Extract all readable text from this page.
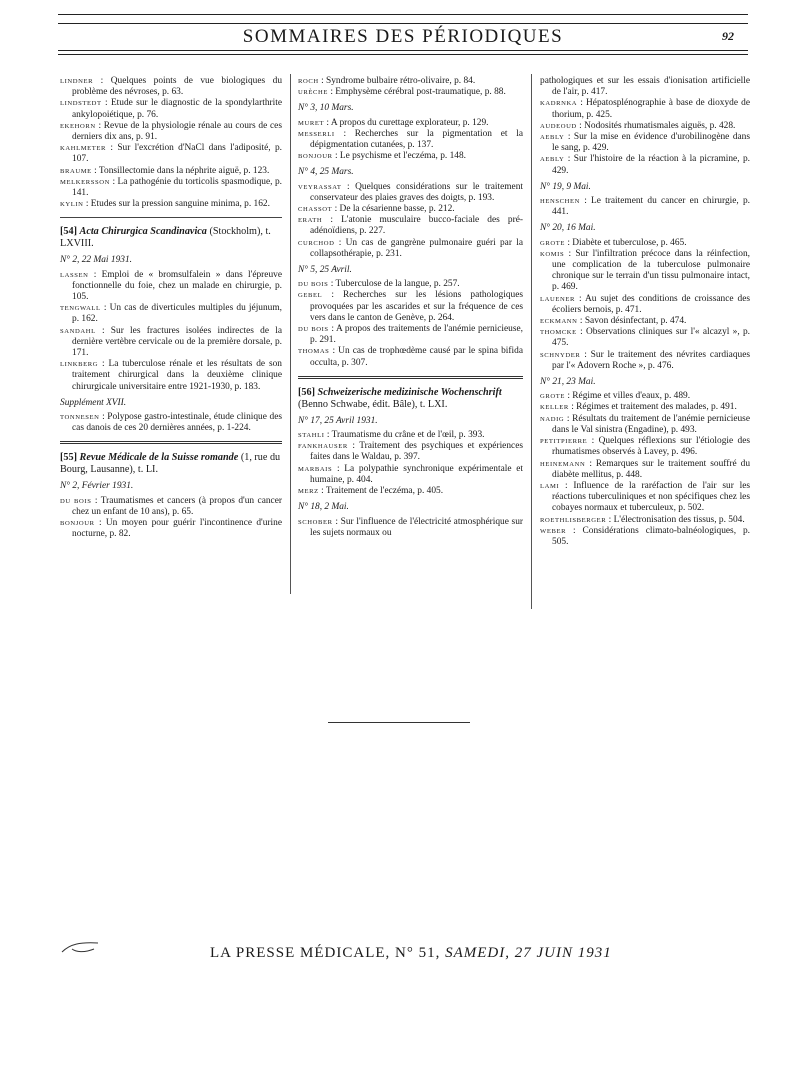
SOMMAIRES DES PÉRIODIQUES	92
LINDNER : Quelques points de vue biologiques du problème des névroses, p. 63.
LINDSTEDT : Etude sur le diagnostic de la spondylarthrite ankylopoiétique, p. 76.
EKEHORN : Revue de la physiologie rénale au cours de ces derniers dix ans, p. 91.
KAHLMETER : Sur l'excrétion d'NaCl dans l'adiposité, p. 107.
BRAUME : Tonsillectomie dans la néphrite aiguë, p. 123.
MELKERSSON : La pathogénie du torticolis spasmodique, p. 141.
KYLIN : Etudes sur la pression sanguine minima, p. 162.
[54] Acta Chirurgica Scandinavica (Stockholm), t. LXVIII.
N° 2, 22 Mai 1931.
LASSEN : Emploi de « bromsulfalein » dans l'épreuve fonctionnelle du foie, chez un malade en chirurgie, p. 105.
TENGWALL : Un cas de diverticules multiples du jéjunum, p. 162.
SANDAHL : Sur les fractures isolées indirectes de la dernière vertèbre cervicale ou de la première dorsale, p. 171.
LINKBERG : La tuberculose rénale et les résultats de son traitement chirurgical dans la deuxième clinique chirurgicale universitaire entre 1921-1930, p. 183.
Supplément XVII.
TONNESEN : Polypose gastro-intestinale, étude clinique des cas danois de ces 20 dernières années, p. 1-224.
[55] Revue Médicale de la Suisse romande (1, rue du Bourg, Lausanne), t. LI.
N° 2, Février 1931.
DU BOIS : Traumatismes et cancers (à propos d'un cancer chez un enfant de 10 ans), p. 65.
BONJOUR : Un moyen pour guérir l'incontinence d'urine nocturne, p. 82.
ROCH : Syndrome bulbaire rétro-olivaire, p. 84.
URÈCHE : Emphysème cérébral post-traumatique, p. 88.
N° 3, 10 Mars.
MURET : A propos du curettage explorateur, p. 129.
MESSERLI : Recherches sur la pigmentation et la dépigmentation cutanées, p. 137.
BONJOUR : Le psychisme et l'eczéma, p. 148.
N° 4, 25 Mars.
VEYRASSAT : Quelques considérations sur le traitement conservateur des plaies graves des doigts, p. 193.
CHASSOT : De la césarienne basse, p. 212.
ERATH : L'atonie musculaire bucco-faciale des pré-adénoïdiens, p. 227.
CURCHOD : Un cas de gangrène pulmonaire guéri par la collapsothérapie, p. 231.
N° 5, 25 Avril.
DU BOIS : Tuberculose de la langue, p. 257.
GEBEL : Recherches sur les lésions pathologiques provoquées par les ascarides et sur la fréquence de ces vers dans le canton de Genève, p. 264.
DU BOIS : A propos des traitements de l'anémie pernicieuse, p. 291.
THOMAS : Un cas de trophœdème causé par le spina bifida occulta, p. 307.
[56] Schweizerische medizinische Wochenschrift (Benno Schwabe, édit. Bâle), t. LXI.
N° 17, 25 Avril 1931.
STAHLI : Traumatisme du crâne et de l'œil, p. 393.
FANKHAUSER : Traitement des psychiques et expériences faites dans le Waldau, p. 397.
MARBAIS : La polypathie synchronique expérimentale et humaine, p. 404.
MERZ : Traitement de l'eczéma, p. 405.
N° 18, 2 Mai.
SCHOBER : Sur l'influence de l'électricité atmosphérique sur les sujets normaux ou
pathologiques et sur les essais d'ionisation artificielle de l'air, p. 417.
KADRNKA : Hépatosplénographie à base de dioxyde de thorium, p. 425.
AUDEOUD : Nodosités rhumatismales aiguës, p. 428.
AEBLY : Sur la mise en évidence d'urobilinogène dans le sang, p. 429.
AEBLY : Sur l'histoire de la réaction à la picramine, p. 429.
N° 19, 9 Mai.
HENSCHEN : Le traitement du cancer en chirurgie, p. 441.
N° 20, 16 Mai.
GROTE : Diabète et tuberculose, p. 465.
KOMIS : Sur l'infiltration précoce dans la réinfection, une complication de la tuberculose pulmonaire chronique sur le terrain d'un tissu pulmonaire intact, p. 469.
LAUENER : Au sujet des conditions de croissance des écoliers bernois, p. 471.
ECKMANN : Savon désinfectant, p. 474.
THOMCKE : Observations cliniques sur l'« alcazyl », p. 475.
SCHNYDER : Sur le traitement des névrites cardiaques par l'« Adovern Roche », p. 476.
N° 21, 23 Mai.
GROTE : Régime et villes d'eaux, p. 489.
KELLER : Régimes et traitement des malades, p. 491.
NADIG : Résultats du traitement de l'anémie pernicieuse dans le Val sinistra (Engadine), p. 493.
PETITPIERRE : Quelques réflexions sur l'étiologie des rhumatismes observés à Lavey, p. 496.
HEINEMANN : Remarques sur le traitement souffré du diabète mellitus, p. 448.
LAMI : Influence de la raréfaction de l'air sur les réactions tuberculiniques et non spécifiques chez les cobayes normaux et tuberculeux, p. 502.
ROETHLISBERGER : L'électronisation des tissus, p. 504.
WEBER : Considérations climato-balnéologiques, p. 505.
LA PRESSE MÉDICALE, N° 51, SAMEDI, 27 JUIN 1931
